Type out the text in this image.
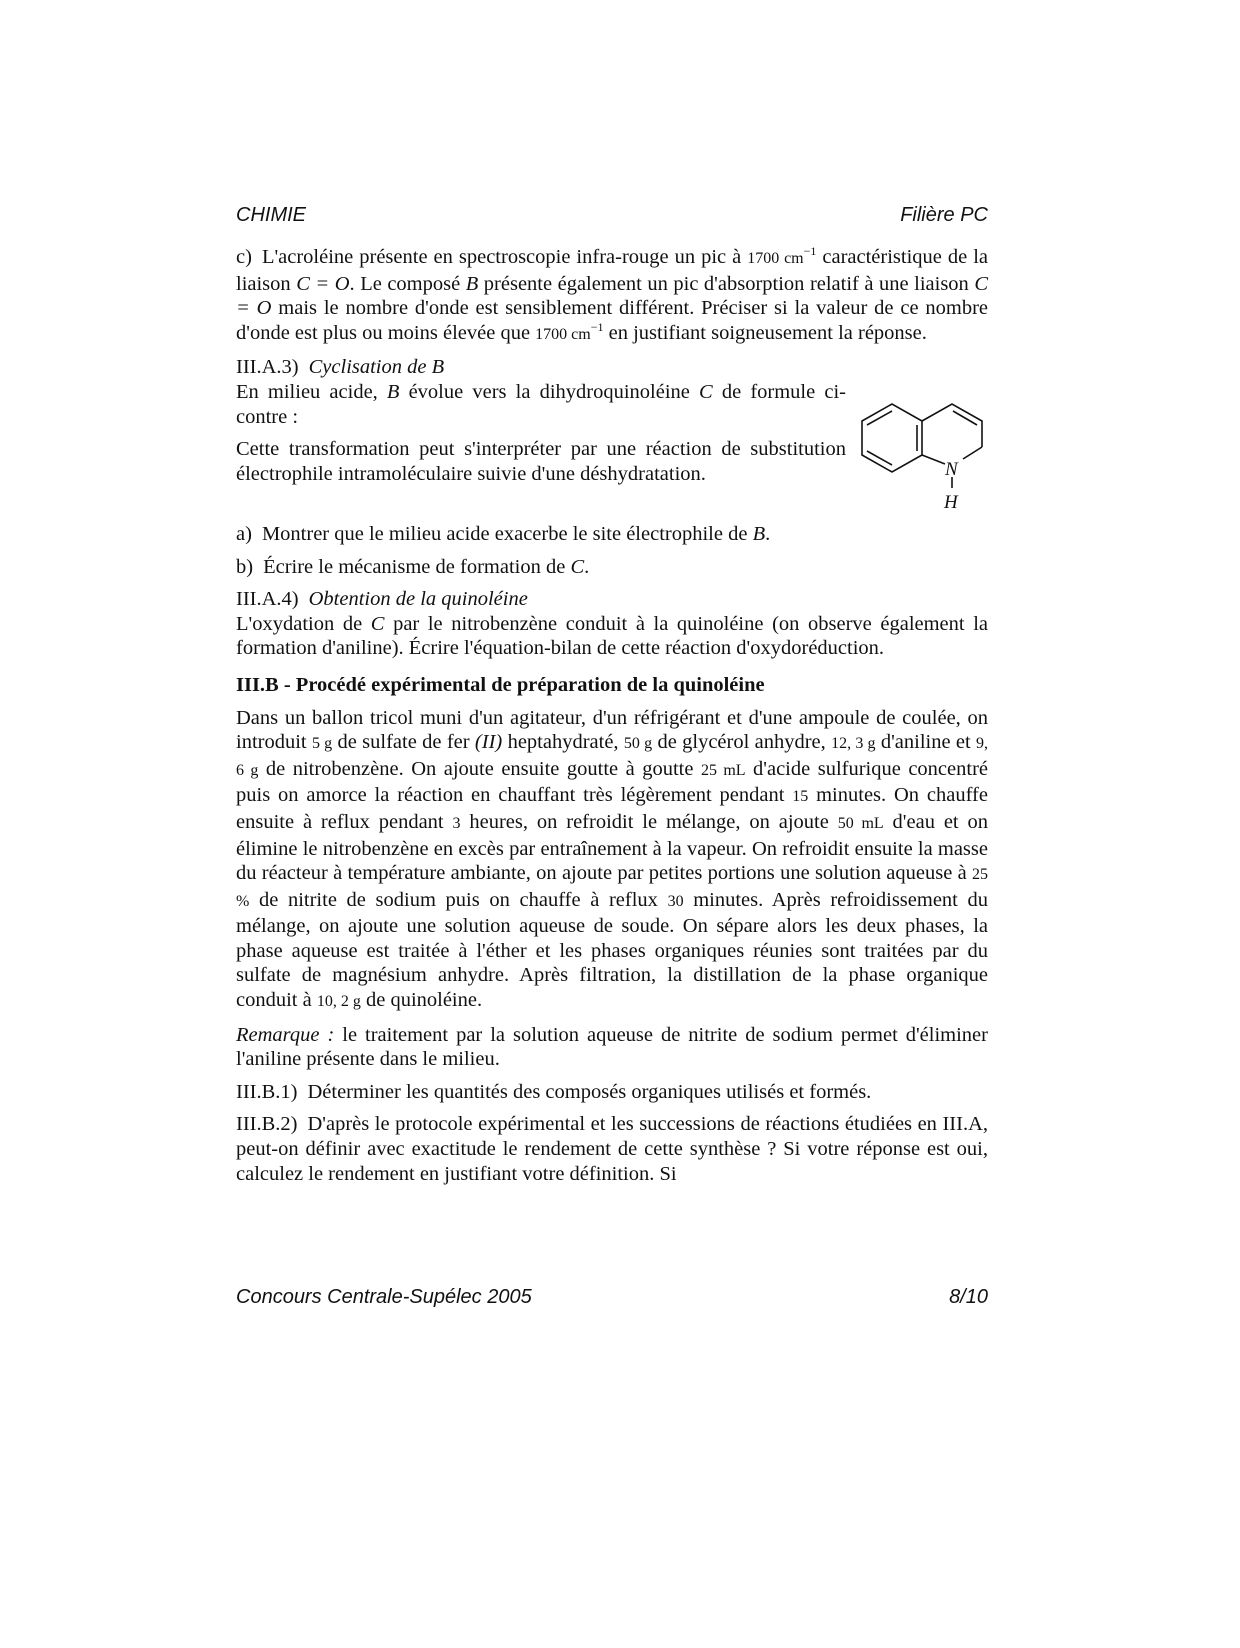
CHIMIE	Filière PC

c) L'acroléine présente en spectroscopie infra-rouge un pic à 1700 $cm^{-1}$ caractéristique de la liaison C = O. Le composé B présente également un pic d'absorption relatif à une liaison C = O mais le nombre d'onde est sensiblement différent. Préciser si la valeur de ce nombre d'onde est plus ou moins élevée que 1700 $cm^{-1}$ en justifiant soigneusement la réponse.

III.A.3) Cyclisation de B

En milieu acide, B évolue vers la dihydroquinoléine C de formule ci-contre :

Cette transformation peut s'interpréter par une réaction de substitution électrophile intramoléculaire suivie d'une déshydratation.	N
H

a) Montrer que le milieu acide exacerbe le site électrophile de B.

b) Écrire le mécanisme de formation de C.

III.A.4) Obtention de la quinoléine

L'oxydation de C par le nitrobenzène conduit à la quinoléine (on observe également la formation d'aniline). Écrire l'équation-bilan de cette réaction d'oxydoréduction.

III.B - Procédé expérimental de préparation de la quinoléine

Dans un ballon tricol muni d'un agitateur, d'un réfrigérant et d'une ampoule de coulée, on introduit 5 g de sulfate de fer (II) heptahydraté, 50 g de glycérol anhydre, 12, 3 g d'aniline et 9, 6 g de nitrobenzène. On ajoute ensuite goutte à goutte 25 mL d'acide sulfurique concentré puis on amorce la réaction en chauffant très légèrement pendant 15 minutes. On chauffe ensuite à reflux pendant 3 heures, on refroidit le mélange, on ajoute 50 mL d'eau et on élimine le nitrobenzène en excès par entraînement à la vapeur. On refroidit ensuite la masse du réacteur à température ambiante, on ajoute par petites portions une solution aqueuse à 25 % de nitrite de sodium puis on chauffe à reflux 30 minutes. Après refroidissement du mélange, on ajoute une solution aqueuse de soude. On sépare alors les deux phases, la phase aqueuse est traitée à l'éther et les phases organiques réunies sont traitées par du sulfate de magnésium anhydre. Après filtration, la distillation de la phase organique conduit à 10, 2 g de quinoléine.

Remarque : le traitement par la solution aqueuse de nitrite de sodium permet d'éliminer l'aniline présente dans le milieu.

III.B.1) Déterminer les quantités des composés organiques utilisés et formés.

III.B.2) D'après le protocole expérimental et les successions de réactions étudiées en III.A, peut-on définir avec exactitude le rendement de cette synthèse ? Si votre réponse est oui, calculez le rendement en justifiant votre définition. Si

Concours Centrale-Supélec 2005	8/10
